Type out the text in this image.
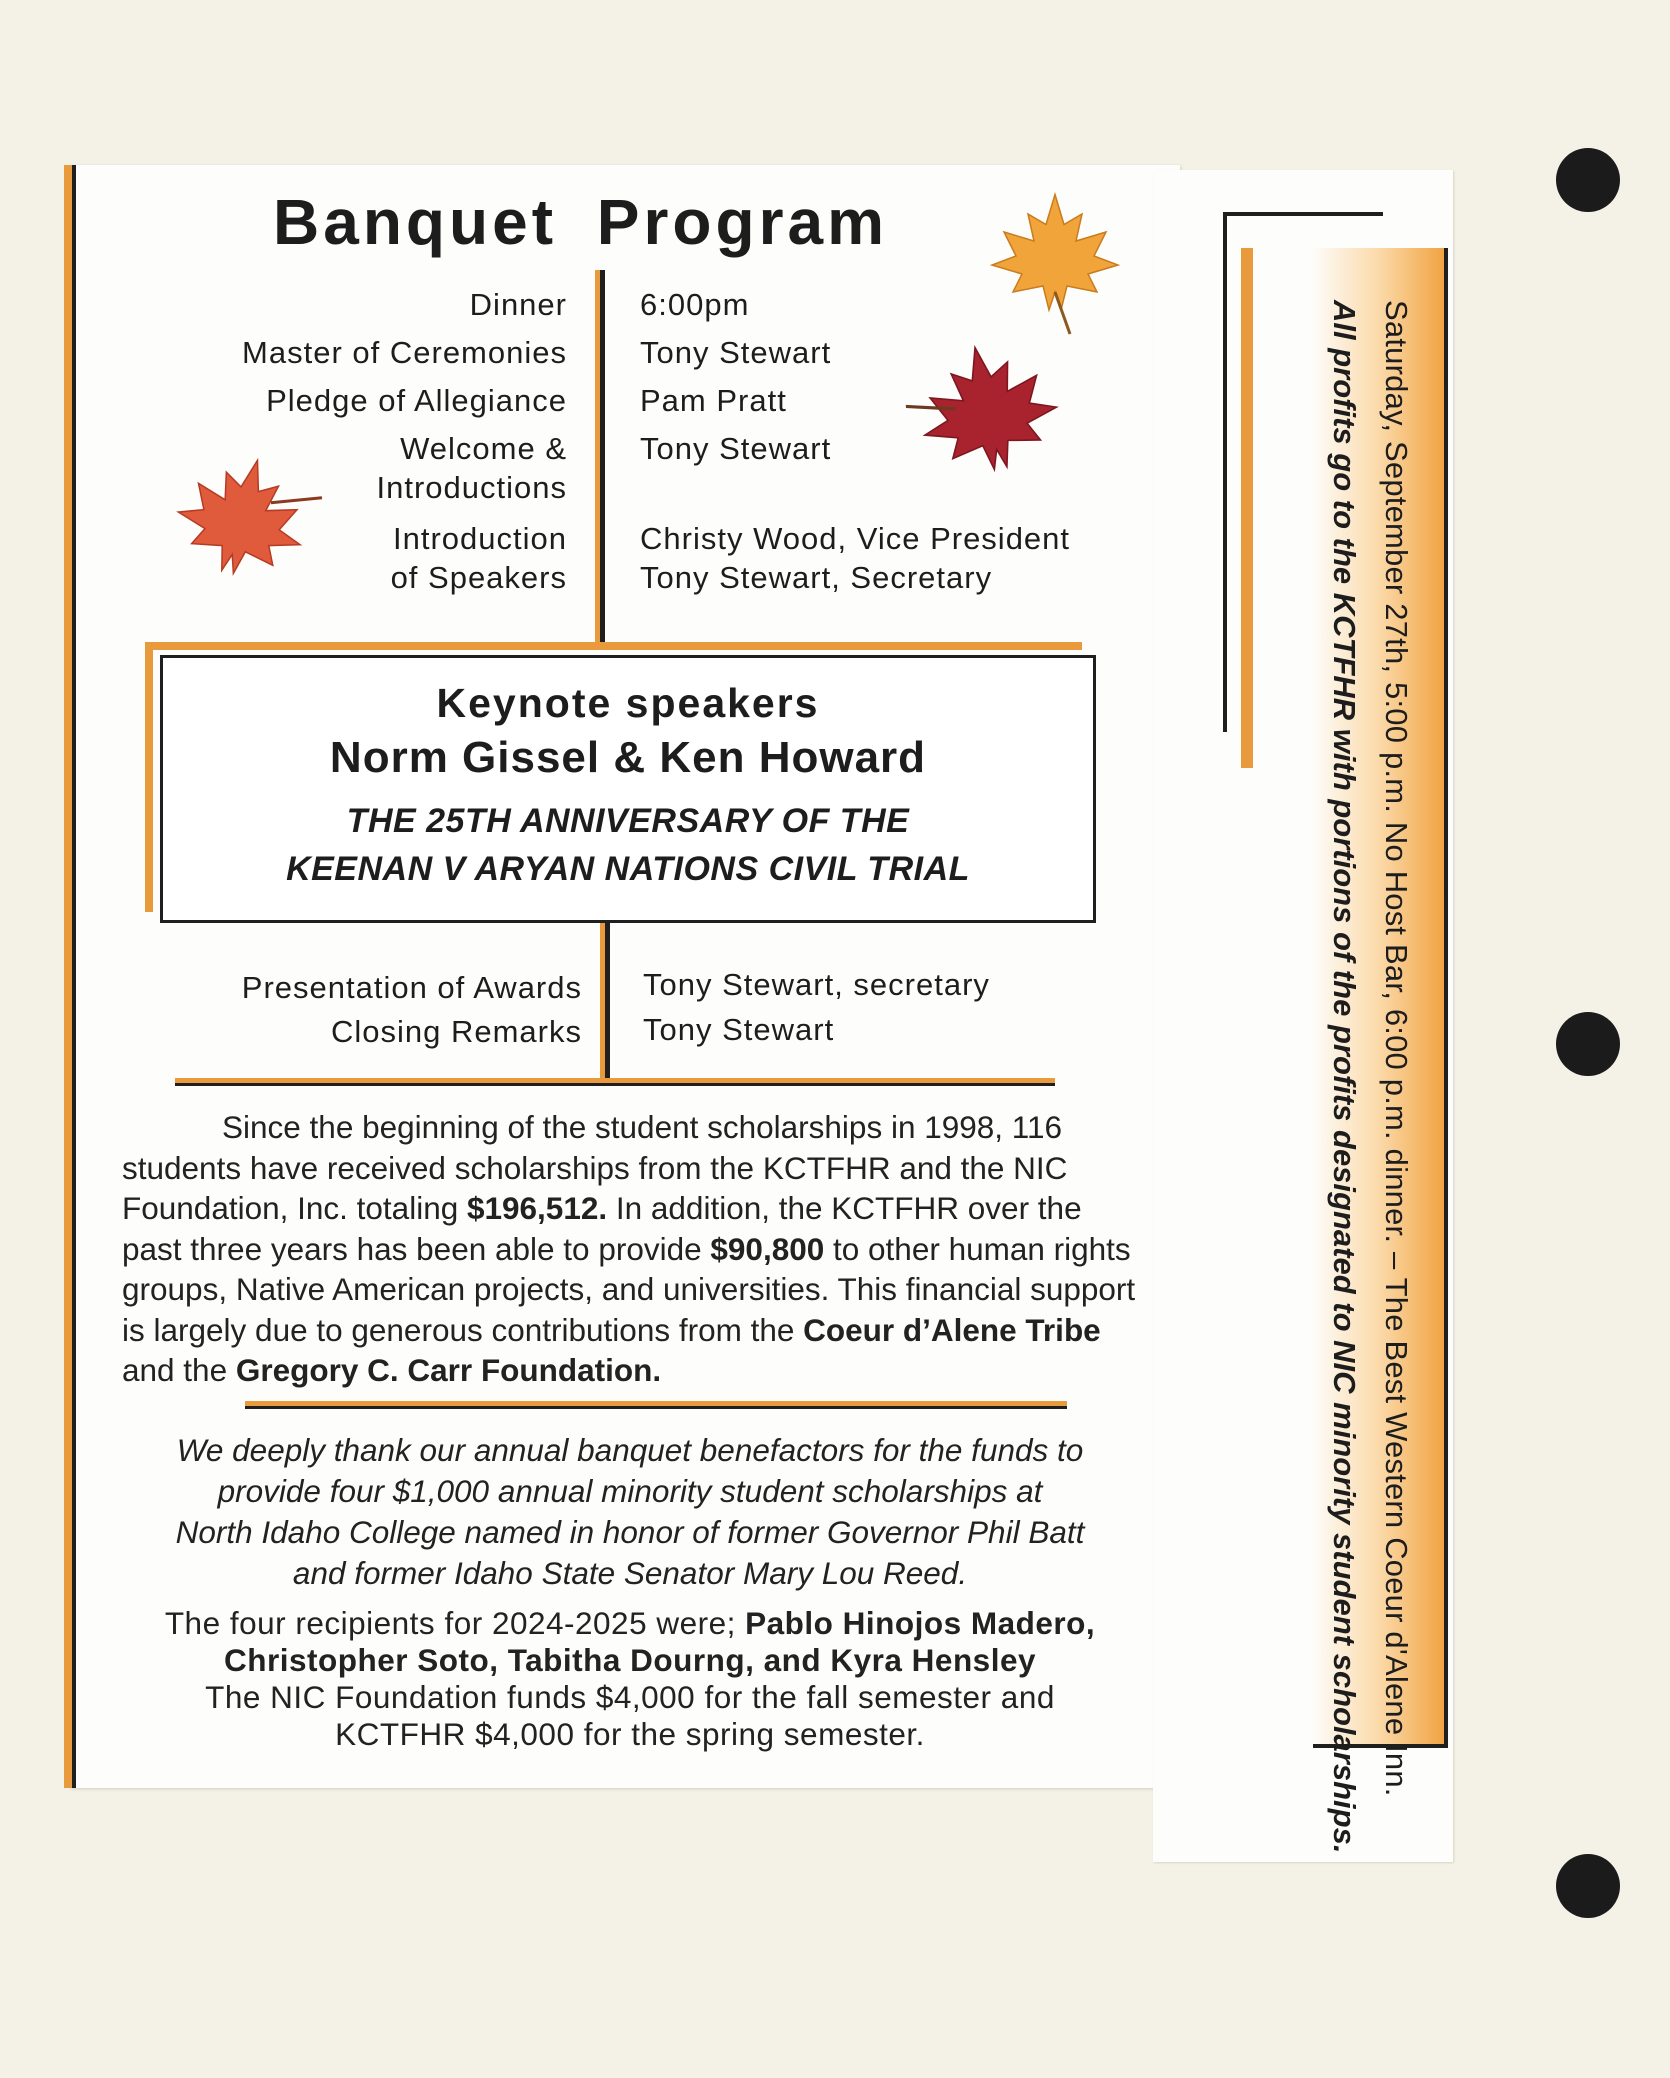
Banquet Program
Dinner
Master of Ceremonies
Pledge of Allegiance
Welcome &
Introductions
Introduction
of Speakers
6:00pm
Tony Stewart
Pam Pratt
Tony Stewart
Christy Wood, Vice President
Tony Stewart, Secretary
Keynote speakers
Norm Gissel & Ken Howard
THE 25TH ANNIVERSARY OF THE
KEENAN V ARYAN NATIONS CIVIL TRIAL
Presentation of Awards
Closing Remarks
Tony Stewart, secretary
Tony Stewart
Since the beginning of the student scholarships in 1998, 116 students have received scholarships from the KCTFHR and the NIC Foundation, Inc. totaling $196,512. In addition, the KCTFHR over the past three years has been able to provide $90,800 to other human rights groups, Native American projects, and universities. This financial support is largely due to generous contributions from the Coeur d’Alene Tribe and the Gregory C. Carr Foundation.
We deeply thank our annual banquet benefactors for the funds to
provide four $1,000 annual minority student scholarships at
North Idaho College named in honor of former Governor Phil Batt
and former Idaho State Senator Mary Lou Reed.
The four recipients for 2024-2025 were; Pablo Hinojos Madero,
Christopher Soto, Tabitha Dourng, and Kyra Hensley
The NIC Foundation funds $4,000 for the fall semester and
KCTFHR $4,000 for the spring semester.	Saturday, September 27th, 5:00 p.m. No Host Bar, 6:00 p.m. dinner. – The Best Western Coeur d'Alene Inn.
All profits go to the KCTFHR with portions of the profits designated to NIC minority student scholarships.
